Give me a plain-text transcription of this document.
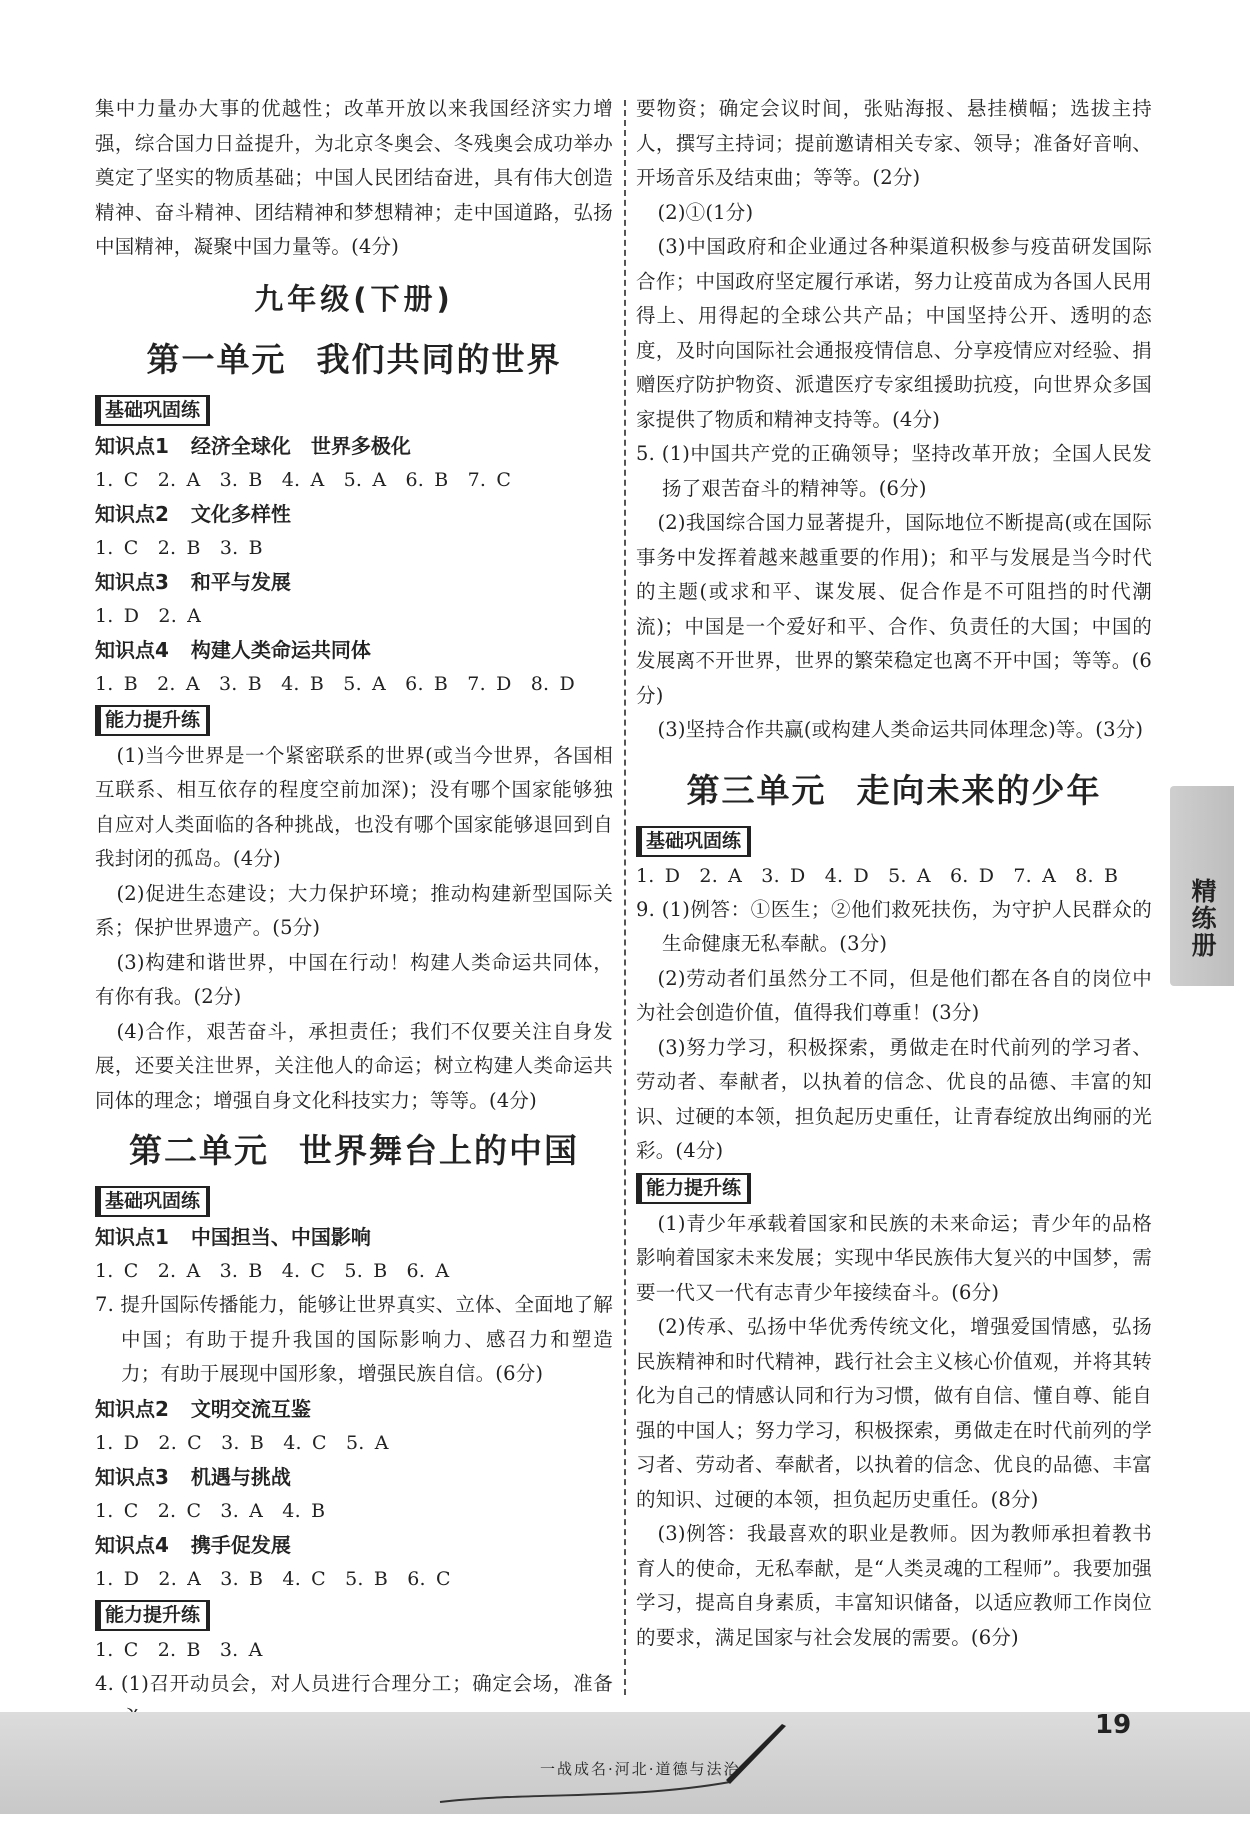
集中力量办大事的优越性；改革开放以来我国经济实力增强，综合国力日益提升，为北京冬奥会、冬残奥会成功举办奠定了坚实的物质基础；中国人民团结奋进，具有伟大创造精神、奋斗精神、团结精神和梦想精神；走中国道路，弘扬中国精神，凝聚中国力量等。(4分)

九年级(下册)
第一单元 我们共同的世界
基础巩固练
知识点1 经济全球化　世界多极化

1. C　2. A　3. B　4. A　5. A　6. B　7. C

知识点2 文化多样性

1. C　2. B　3. B

知识点3 和平与发展

1. D　2. A

知识点4 构建人类命运共同体

1. B　2. A　3. B　4. B　5. A　6. B　7. D　8. D

能力提升练

(1)当今世界是一个紧密联系的世界(或当今世界，各国相互联系、相互依存的程度空前加深)；没有哪个国家能够独自应对人类面临的各种挑战，也没有哪个国家能够退回到自我封闭的孤岛。(4分)

(2)促进生态建设；大力保护环境；推动构建新型国际关系；保护世界遗产。(5分)

(3)构建和谐世界，中国在行动！构建人类命运共同体，有你有我。(2分)

(4)合作，艰苦奋斗，承担责任；我们不仅要关注自身发展，还要关注世界，关注他人的命运；树立构建人类命运共同体的理念；增强自身文化科技实力；等等。(4分)

第二单元 世界舞台上的中国
基础巩固练
知识点1 中国担当、中国影响

1. C　2. A　3. B　4. C　5. B　6. A

7. 提升国际传播能力，能够让世界真实、立体、全面地了解中国；有助于提升我国的国际影响力、感召力和塑造力；有助于展现中国形象，增强民族自信。(6分)

知识点2 文明交流互鉴

1. D　2. C　3. B　4. C　5. A

知识点3 机遇与挑战

1. C　2. C　3. A　4. B

知识点4 携手促发展

1. D　2. A　3. B　4. C　5. B　6. C

能力提升练

1. C　2. B　3. A

4. (1)召开动员会，对人员进行合理分工；确定会场，准备

要物资；确定会议时间，张贴海报、悬挂横幅；选拔主持人，撰写主持词；提前邀请相关专家、领导；准备好音响、开场音乐及结束曲；等等。(2分)

(2)①(1分)

(3)中国政府和企业通过各种渠道积极参与疫苗研发国际合作；中国政府坚定履行承诺，努力让疫苗成为各国人民用得上、用得起的全球公共产品；中国坚持公开、透明的态度，及时向国际社会通报疫情信息、分享疫情应对经验、捐赠医疗防护物资、派遣医疗专家组援助抗疫，向世界众多国家提供了物质和精神支持等。(4分)

5. (1)中国共产党的正确领导；坚持改革开放；全国人民发扬了艰苦奋斗的精神等。(6分)

(2)我国综合国力显著提升，国际地位不断提高(或在国际事务中发挥着越来越重要的作用)；和平与发展是当今时代的主题(或求和平、谋发展、促合作是不可阻挡的时代潮流)；中国是一个爱好和平、合作、负责任的大国；中国的发展离不开世界，世界的繁荣稳定也离不开中国；等等。(6分)

(3)坚持合作共赢(或构建人类命运共同体理念)等。(3分)

第三单元 走向未来的少年
基础巩固练

1. D　2. A　3. D　4. D　5. A　6. D　7. A　8. B

9. (1)例答：①医生；②他们救死扶伤，为守护人民群众的生命健康无私奉献。(3分)

(2)劳动者们虽然分工不同，但是他们都在各自的岗位中为社会创造价值，值得我们尊重！(3分)

(3)努力学习，积极探索，勇做走在时代前列的学习者、劳动者、奉献者，以执着的信念、优良的品德、丰富的知识、过硬的本领，担负起历史重任，让青春绽放出绚丽的光彩。(4分)

能力提升练

(1)青少年承载着国家和民族的未来命运；青少年的品格影响着国家未来发展；实现中华民族伟大复兴的中国梦，需要一代又一代有志青少年接续奋斗。(6分)

(2)传承、弘扬中华优秀传统文化，增强爱国情感，弘扬民族精神和时代精神，践行社会主义核心价值观，并将其转化为自己的情感认同和行为习惯，做有自信、懂自尊、能自强的中国人；努力学习，积极探索，勇做走在时代前列的学习者、劳动者、奉献者，以执着的信念、优良的品德、丰富的知识、过硬的本领，担负起历史重任。(8分)

(3)例答：我最喜欢的职业是教师。因为教师承担着教书育人的使命，无私奉献，是“人类灵魂的工程师”。我要加强学习，提高自身素质，丰富知识储备，以适应教师工作岗位的要求，满足国家与社会发展的需要。(6分)

精练册
一战成名·河北·道德与法治
19
